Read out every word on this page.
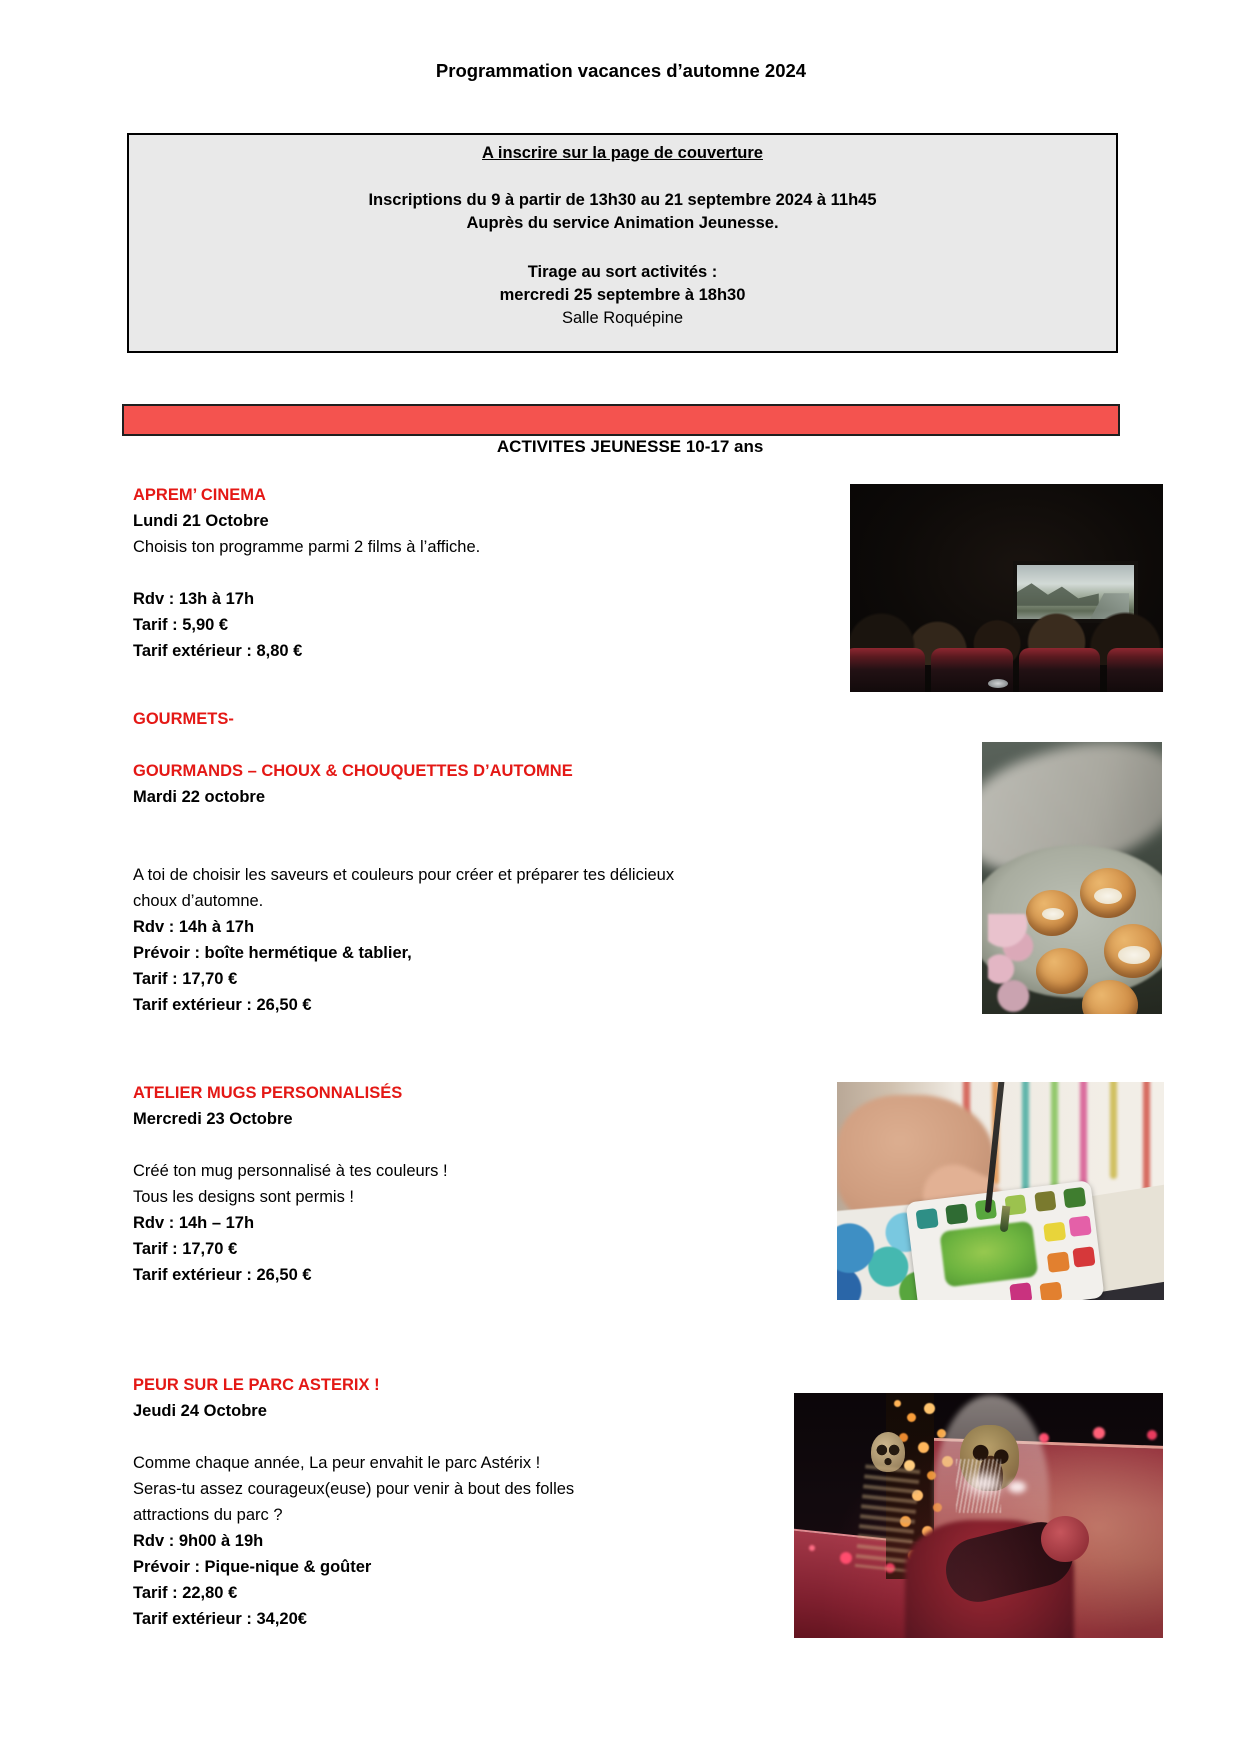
Programmation vacances d’automne 2024
A inscrire sur la page de couverture
Inscriptions du 9 à partir de 13h30 au 21 septembre 2024 à 11h45
Auprès du service Animation Jeunesse.
Tirage au sort activités :
mercredi 25 septembre à 18h30
Salle Roquépine

ACTIVITES JEUNESSE 10-17 ans

APREM’ CINEMA
Lundi 21 Octobre
Choisis ton programme parmi 2 films à l’affiche.
Rdv : 13h à 17h
Tarif : 5,90 €
Tarif extérieur : 8,80 €
GOURMETS-
GOURMANDS – CHOUX & CHOUQUETTES D’AUTOMNE
Mardi 22 octobre
A toi de choisir les saveurs et couleurs pour créer et préparer tes délicieux
choux d’automne.
Rdv : 14h à 17h
Prévoir : boîte hermétique & tablier,
Tarif : 17,70 €
Tarif extérieur : 26,50 €
ATELIER MUGS PERSONNALISÉS
Mercredi 23 Octobre
Créé ton mug personnalisé à tes couleurs !
Tous les designs sont permis !
Rdv : 14h – 17h
Tarif : 17,70 €
Tarif extérieur : 26,50 €
PEUR SUR LE PARC ASTERIX !
Jeudi 24 Octobre
Comme chaque année, La peur envahit le parc Astérix !
Seras-tu assez courageux(euse) pour venir à bout des folles
attractions du parc ?
Rdv : 9h00 à 19h
Prévoir : Pique-nique & goûter
Tarif : 22,80 €
Tarif extérieur : 34,20€
